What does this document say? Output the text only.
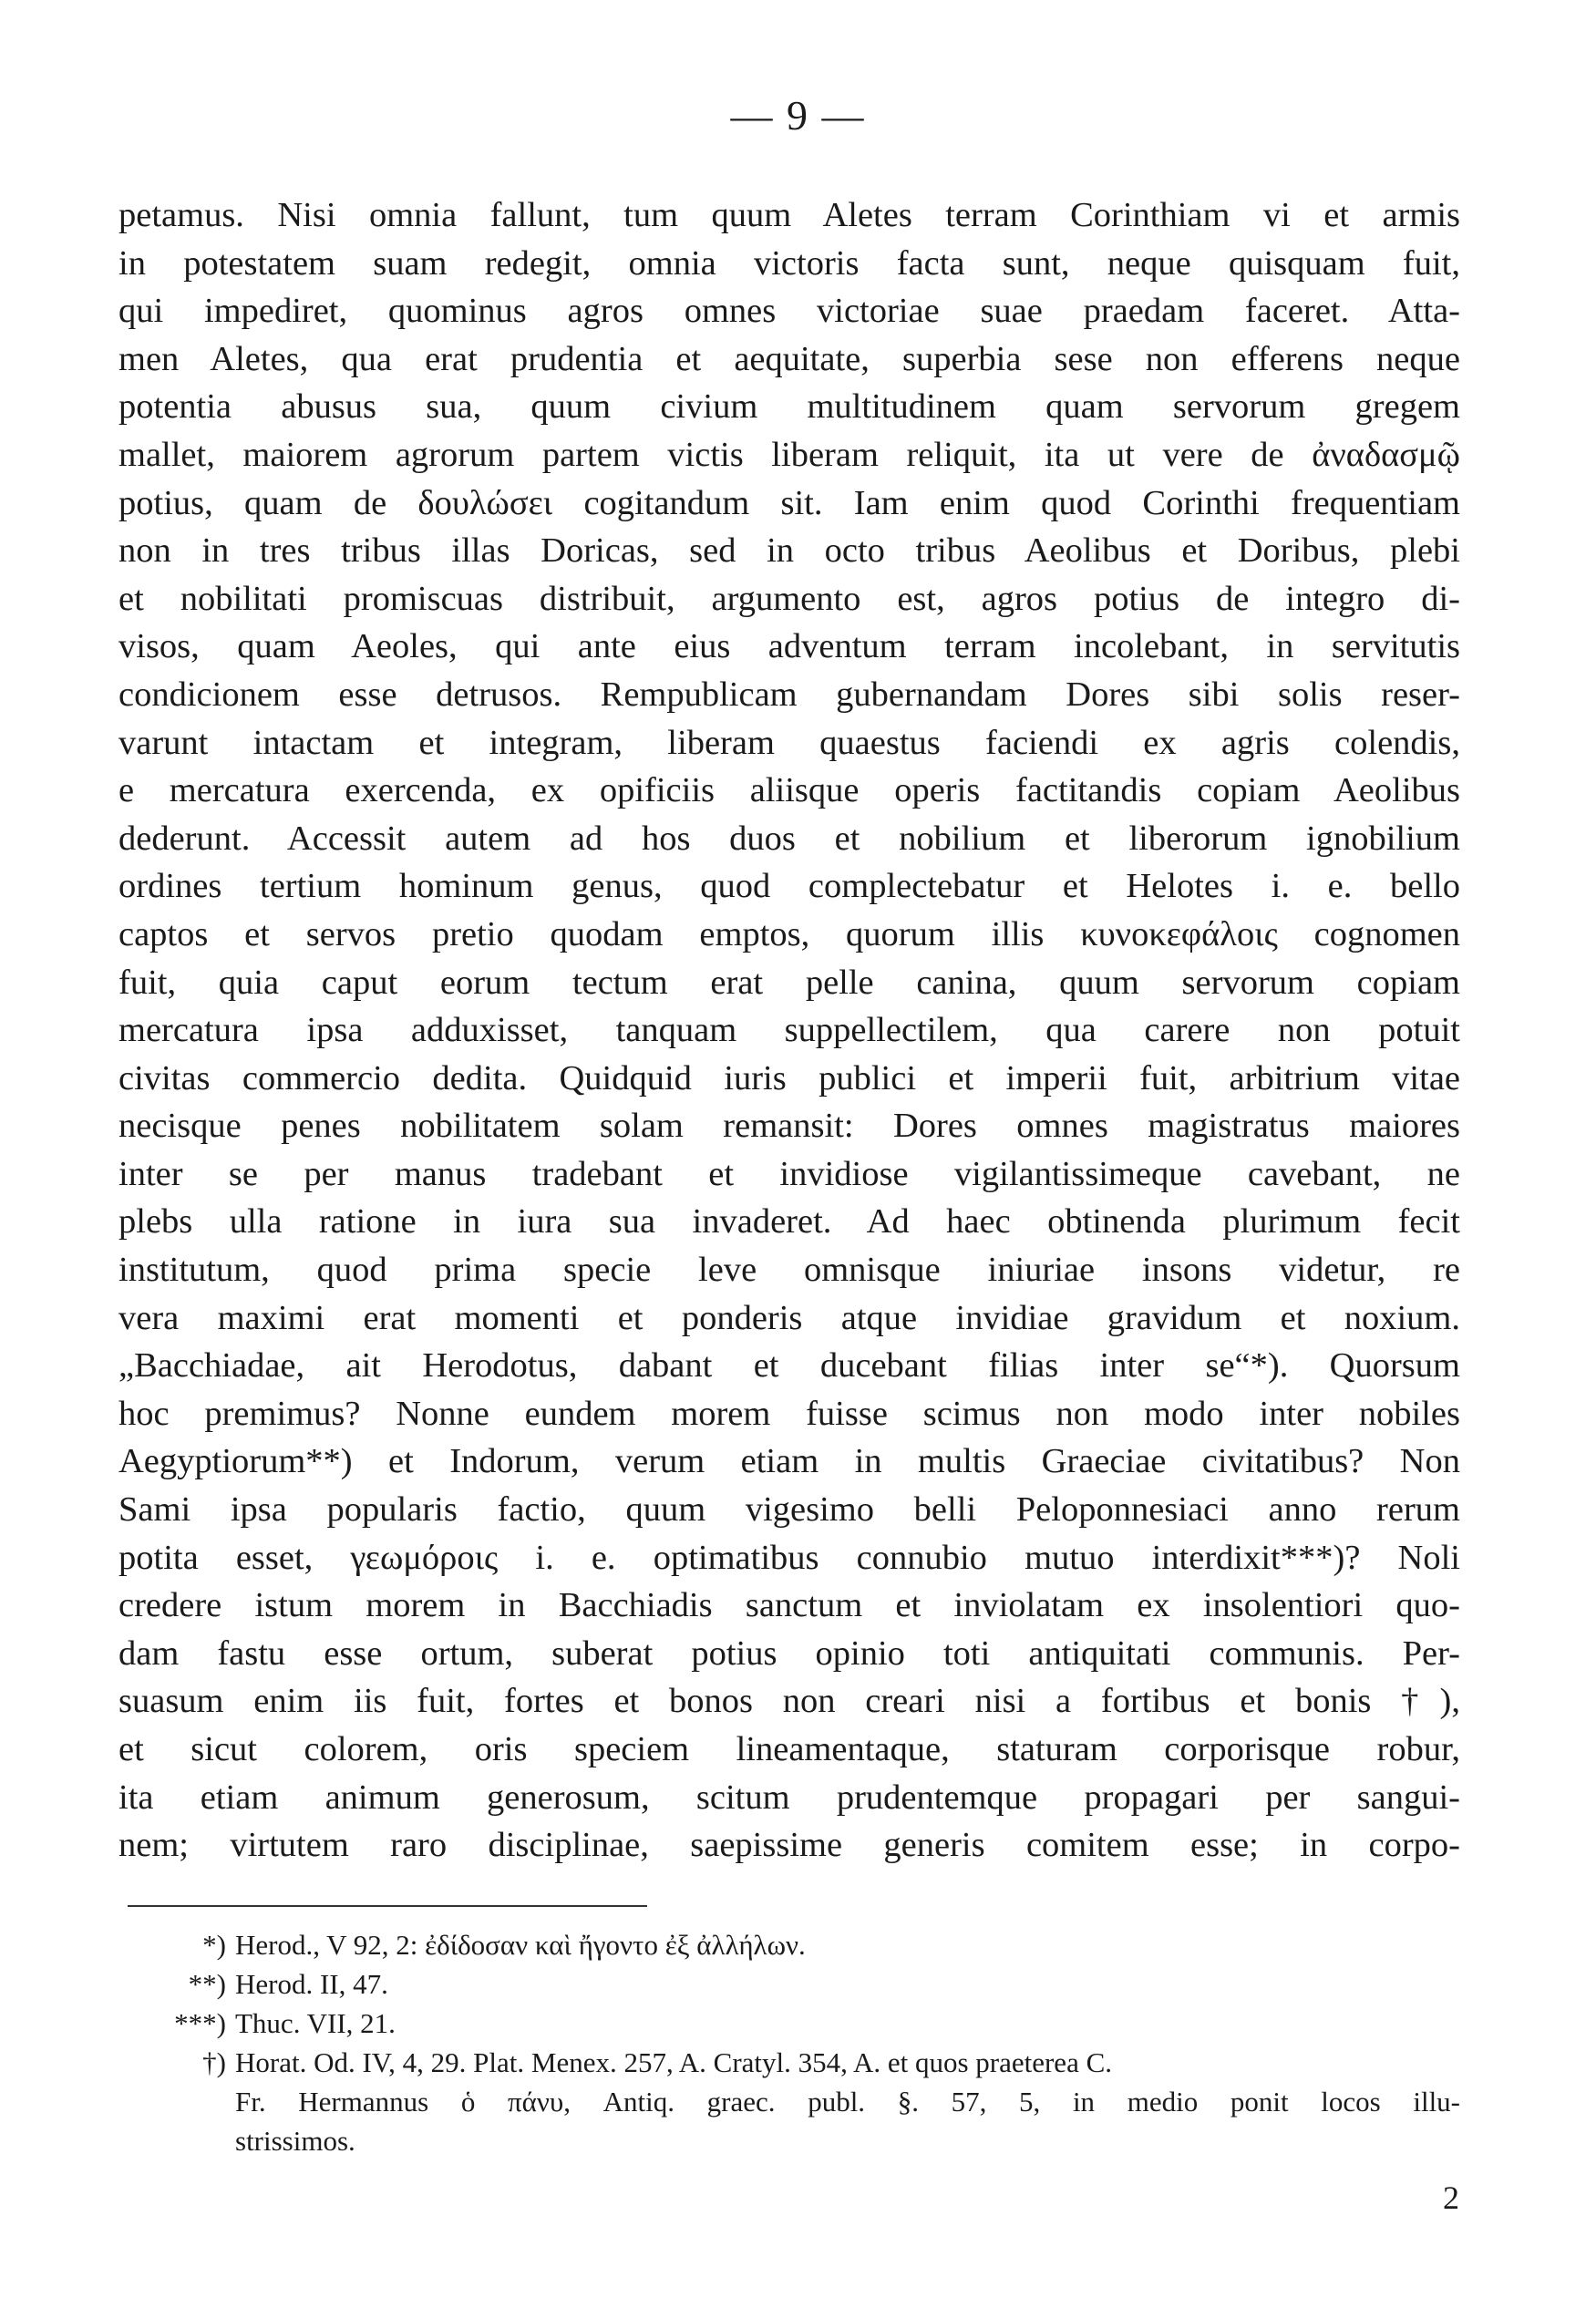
— 9 —
petamus. Nisi omnia fallunt, tum quum Aletes terram Corinthiam vi et armis
in potestatem suam redegit, omnia victoris facta sunt, neque quisquam fuit,
qui impediret, quominus agros omnes victoriae suae praedam faceret. Atta-
men Aletes, qua erat prudentia et aequitate, superbia sese non efferens neque
potentia abusus sua, quum civium multitudinem quam servorum gregem
mallet, maiorem agrorum partem victis liberam reliquit, ita ut vere de ἀναδασμῷ
potius, quam de δουλώσει cogitandum sit. Iam enim quod Corinthi frequentiam
non in tres tribus illas Doricas, sed in octo tribus Aeolibus et Doribus, plebi
et nobilitati promiscuas distribuit, argumento est, agros potius de integro di-
visos, quam Aeoles, qui ante eius adventum terram incolebant, in servitutis
condicionem esse detrusos. Rempublicam gubernandam Dores sibi solis reser-
varunt intactam et integram, liberam quaestus faciendi ex agris colendis,
e mercatura exercenda, ex opificiis aliisque operis factitandis copiam Aeolibus
dederunt. Accessit autem ad hos duos et nobilium et liberorum ignobilium
ordines tertium hominum genus, quod complectebatur et Helotes i. e. bello
captos et servos pretio quodam emptos, quorum illis κυνοκεφάλοις cognomen
fuit, quia caput eorum tectum erat pelle canina, quum servorum copiam
mercatura ipsa adduxisset, tanquam suppellectilem, qua carere non potuit
civitas commercio dedita. Quidquid iuris publici et imperii fuit, arbitrium vitae
necisque penes nobilitatem solam remansit: Dores omnes magistratus maiores
inter se per manus tradebant et invidiose vigilantissimeque cavebant, ne
plebs ulla ratione in iura sua invaderet. Ad haec obtinenda plurimum fecit
institutum, quod prima specie leve omnisque iniuriae insons videtur, re
vera maximi erat momenti et ponderis atque invidiae gravidum et noxium.
„Bacchiadae, ait Herodotus, dabant et ducebant filias inter se“*). Quorsum
hoc premimus? Nonne eundem morem fuisse scimus non modo inter nobiles
Aegyptiorum**) et Indorum, verum etiam in multis Graeciae civitatibus? Non
Sami ipsa popularis factio, quum vigesimo belli Peloponnesiaci anno rerum
potita esset, γεωμόροις i. e. optimatibus connubio mutuo interdixit***)? Noli
credere istum morem in Bacchiadis sanctum et inviolatam ex insolentiori quo-
dam fastu esse ortum, suberat potius opinio toti antiquitati communis. Per-
suasum enim iis fuit, fortes et bonos non creari nisi a fortibus et bonis †),
et sicut colorem, oris speciem lineamentaque, staturam corporisque robur,
ita etiam animum generosum, scitum prudentemque propagari per sangui-
nem; virtutem raro disciplinae, saepissime generis comitem esse; in corpo-
*) Herod., V 92, 2: ἐδίδοσαν καὶ ἤγοντο ἐξ ἀλλήλων.
**) Herod. II, 47.
***) Thuc. VII, 21.
†) Horat. Od. IV, 4, 29. Plat. Menex. 257, A. Cratyl. 354, A. et quos praeterea C.
Fr. Hermannus ὁ πάνυ, Antiq. graec. publ. §. 57, 5, in medio ponit locos illu-
strissimos.
2
